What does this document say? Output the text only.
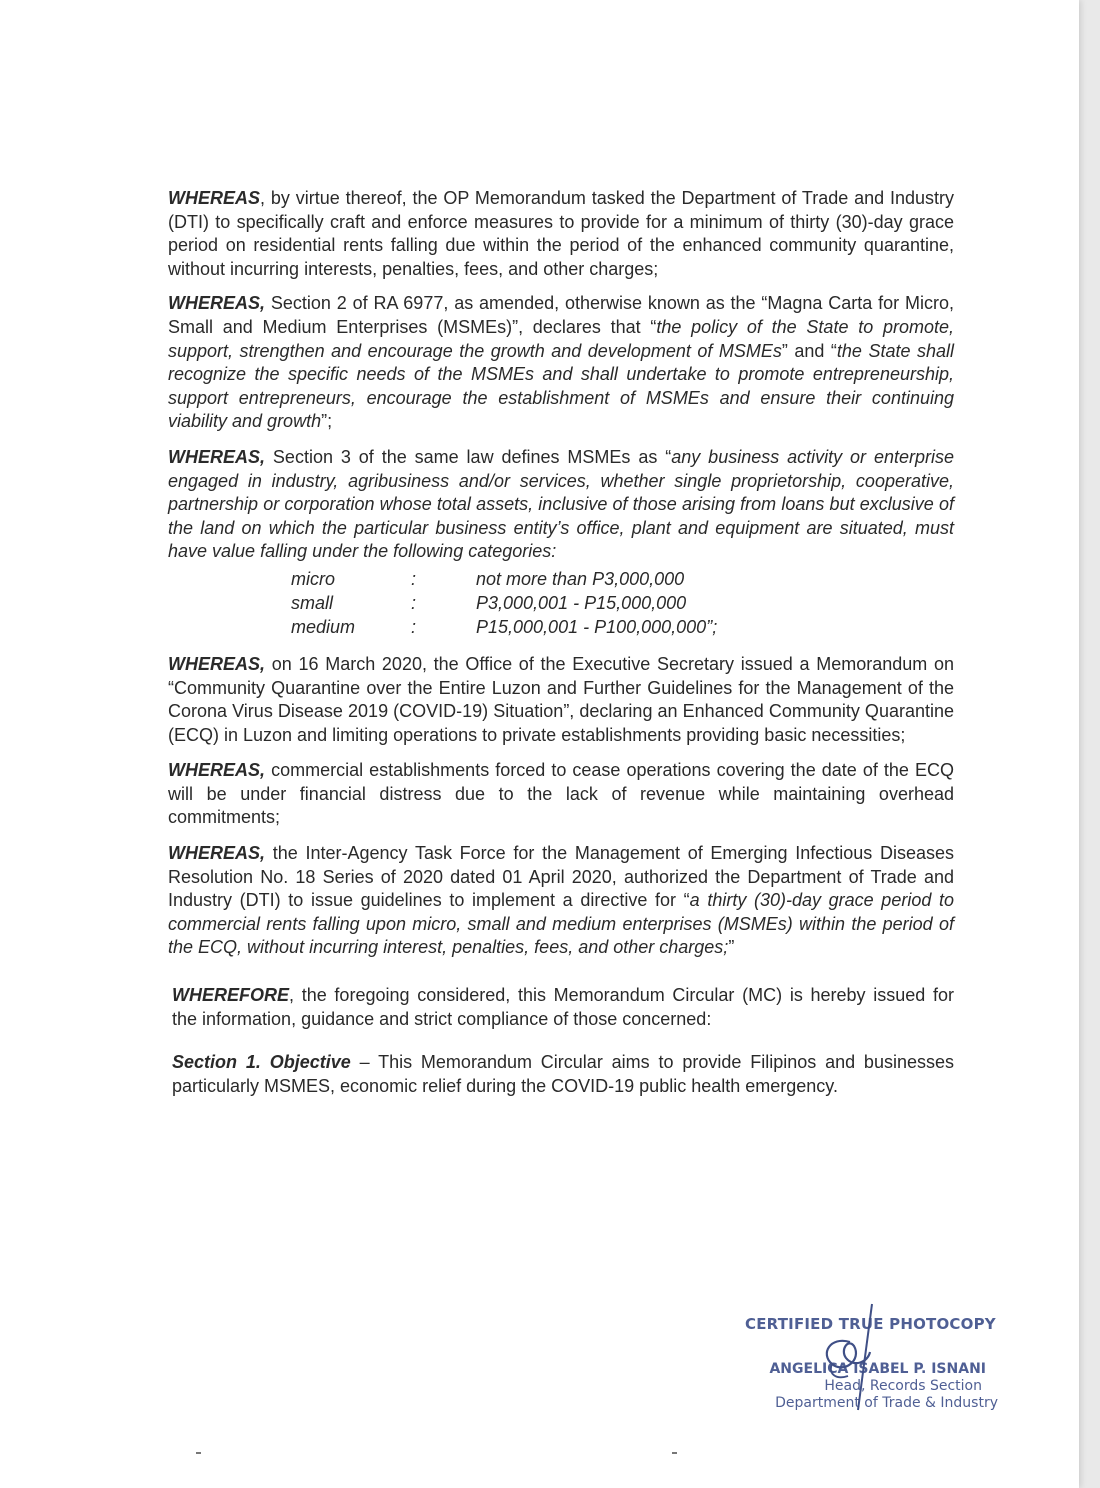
WHEREAS, by virtue thereof, the OP Memorandum tasked the Department of Trade and Industry (DTI) to specifically craft and enforce measures to provide for a minimum of thirty (30)-day grace period on residential rents falling due within the period of the enhanced community quarantine, without incurring interests, penalties, fees, and other charges;

WHEREAS, Section 2 of RA 6977, as amended, otherwise known as the “Magna Carta for Micro, Small and Medium Enterprises (MSMEs)”, declares that “the policy of the State to promote, support, strengthen and encourage the growth and development of MSMEs” and “the State shall recognize the specific needs of the MSMEs and shall undertake to promote entrepreneurship, support entrepreneurs, encourage the establishment of MSMEs and ensure their continuing viability and growth”;

WHEREAS, Section 3 of the same law defines MSMEs as “any business activity or enterprise engaged in industry, agribusiness and/or services, whether single proprietorship, cooperative, partnership or corporation whose total assets, inclusive of those arising from loans but exclusive of the land on which the particular business entity’s office, plant and equipment are situated, must have value falling under the following categories:

micro	:	not more than P3,000,000
small	:	P3,000,001 - P15,000,000
medium	:	P15,000,001 - P100,000,000”;

WHEREAS, on 16 March 2020, the Office of the Executive Secretary issued a Memorandum on “Community Quarantine over the Entire Luzon and Further Guidelines for the Management of the Corona Virus Disease 2019 (COVID-19) Situation”, declaring an Enhanced Community Quarantine (ECQ) in Luzon and limiting operations to private establishments providing basic necessities;

WHEREAS, commercial establishments forced to cease operations covering the date of the ECQ will be under financial distress due to the lack of revenue while maintaining overhead commitments;

WHEREAS, the Inter-Agency Task Force for the Management of Emerging Infectious Diseases Resolution No. 18 Series of 2020 dated 01 April 2020, authorized the Department of Trade and Industry (DTI) to issue guidelines to implement a directive for “a thirty (30)-day grace period to commercial rents falling upon micro, small and medium enterprises (MSMEs) within the period of the ECQ, without incurring interest, penalties, fees, and other charges;”

WHEREFORE, the foregoing considered, this Memorandum Circular (MC) is hereby issued for the information, guidance and strict compliance of those concerned:

Section 1. Objective – This Memorandum Circular aims to provide Filipinos and businesses particularly MSMES, economic relief during the COVID-19 public health emergency.

CERTIFIED TRUE PHOTOCOPY
ANGELICA ISABEL P. ISNANI
Head, Records Section
Department of Trade & Industry
